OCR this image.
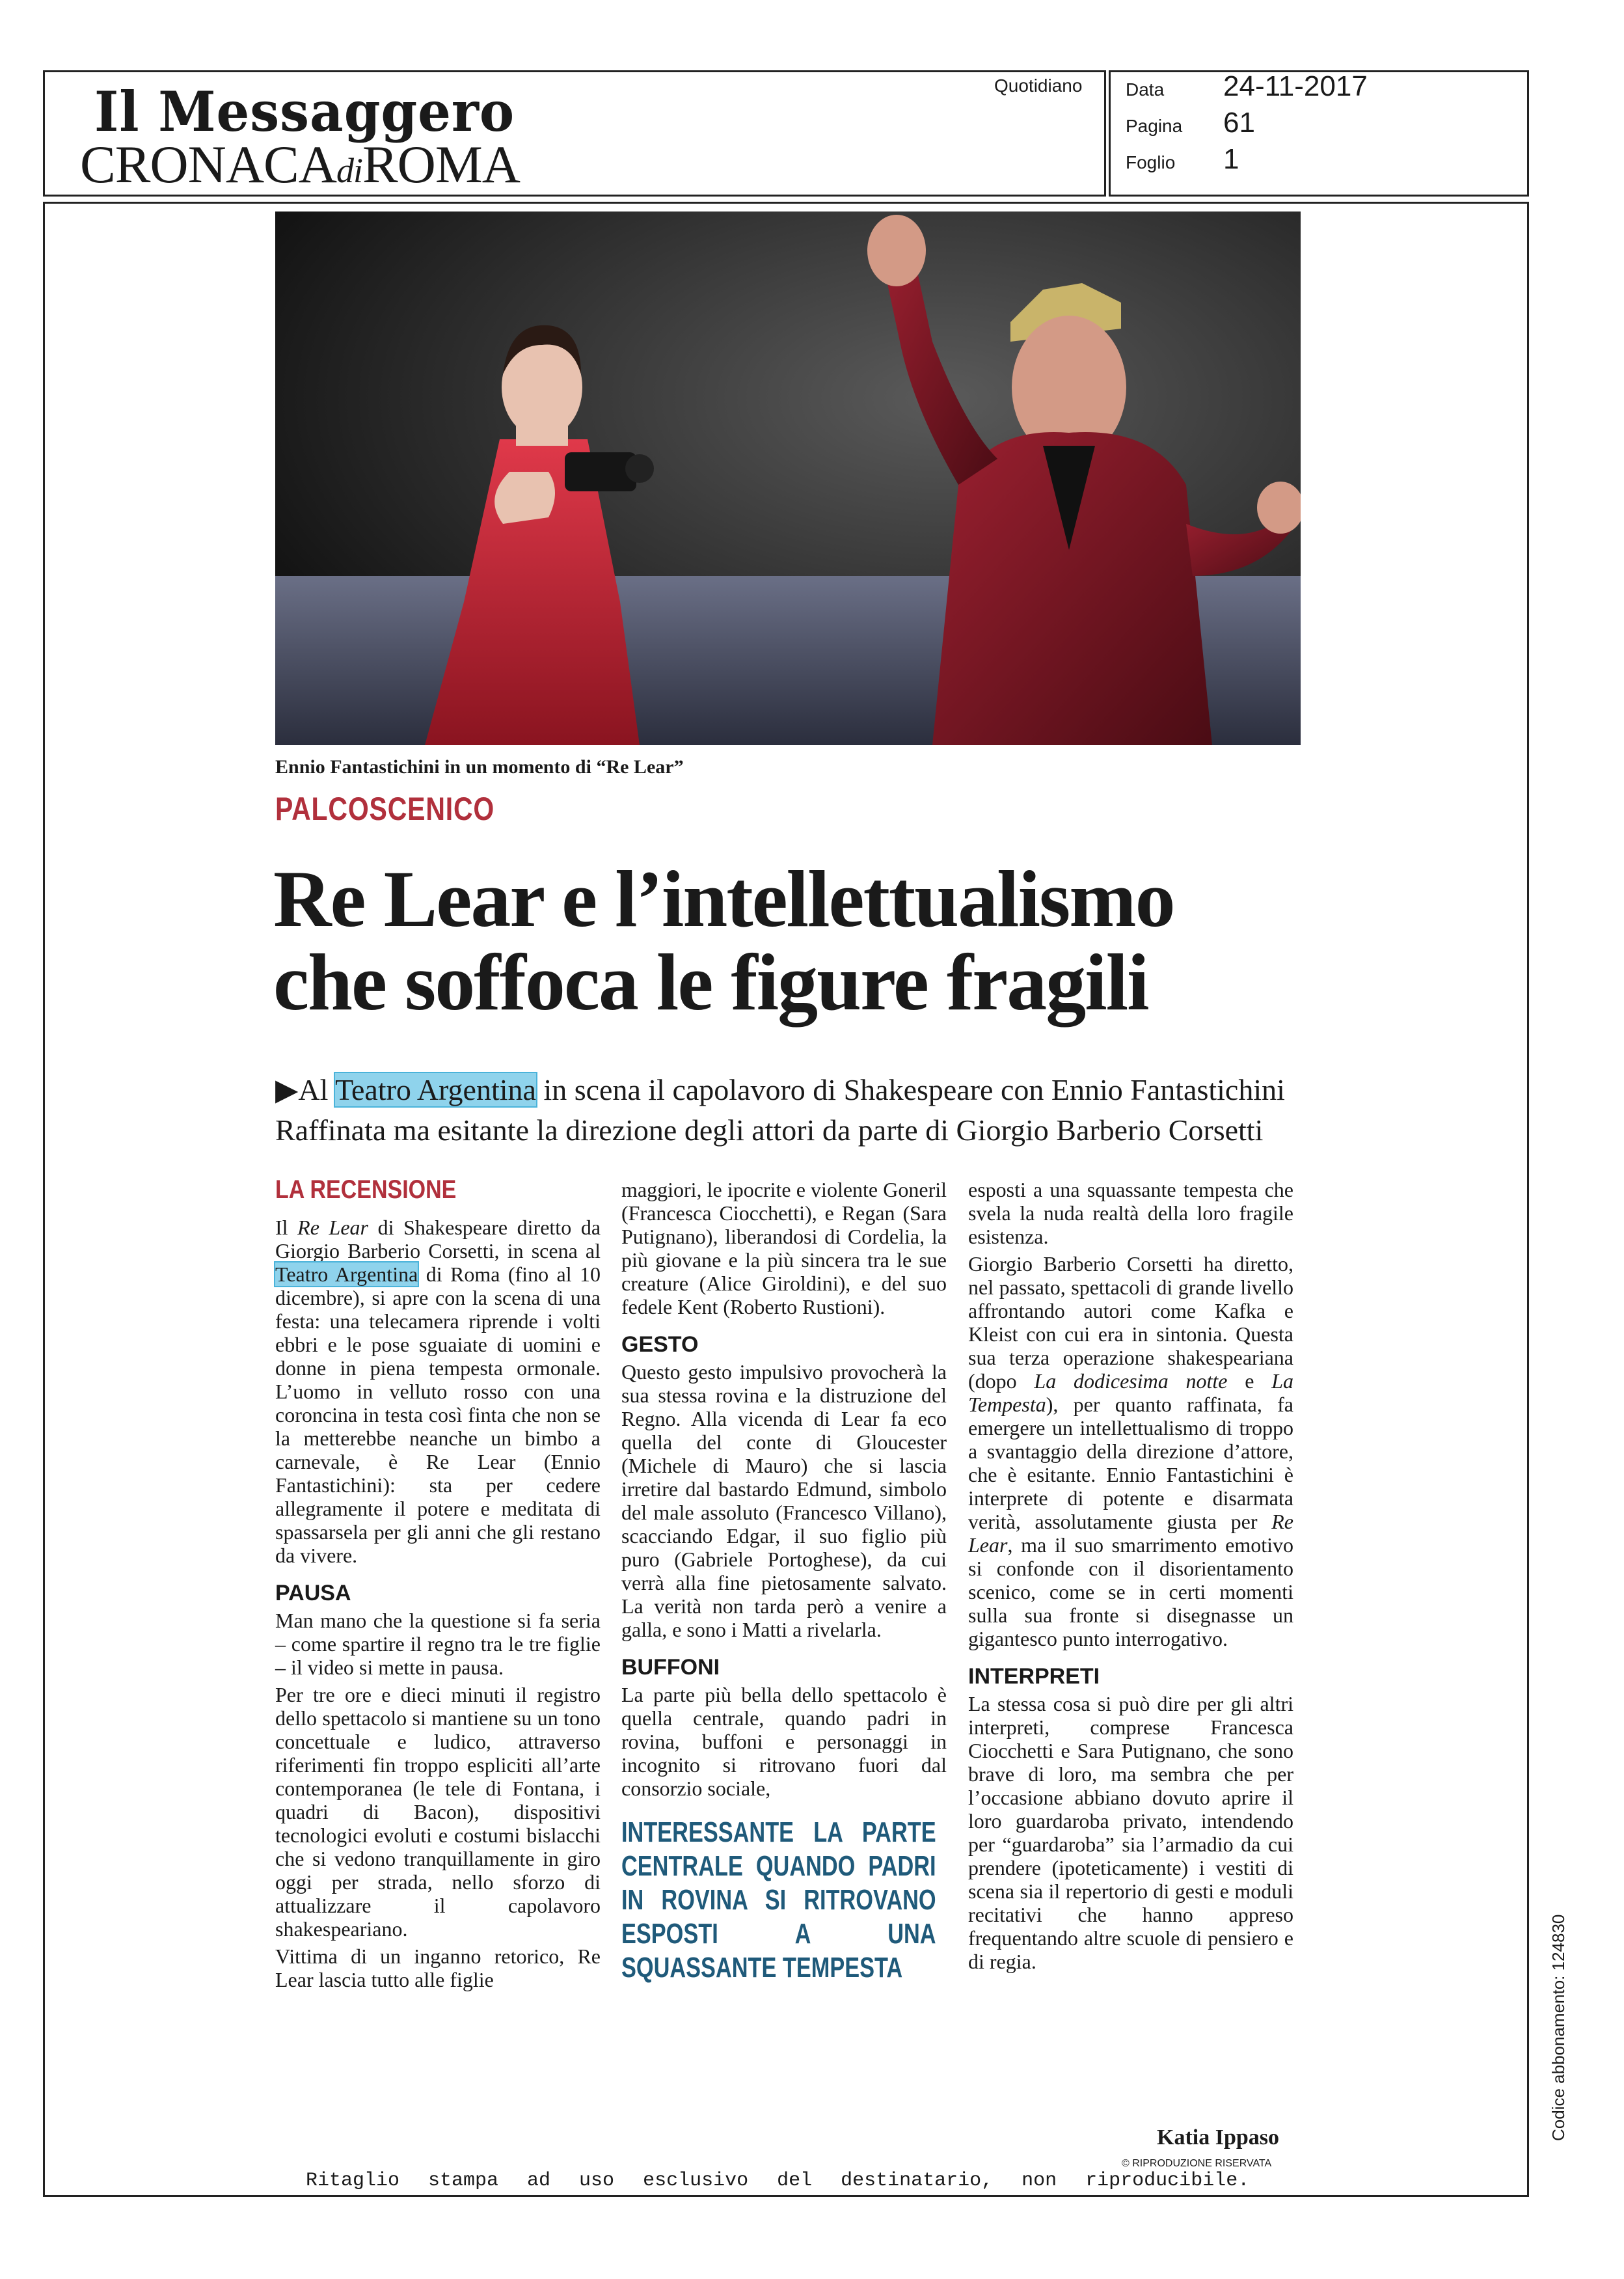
Il Messaggero
CRONACAdiROMA
Quotidiano Data 24-11-2017
Pagina 61
Foglio 1
Ennio Fantastichini in un momento di “Re Lear”
PALCOSCENICO
Re Lear e l’intellettualismo
che soffoca le figure fragili
▶Al Teatro Argentina in scena il capolavoro di Shakespeare con Ennio Fantastichini
Raffinata ma esitante la direzione degli attori da parte di Giorgio Barberio Corsetti
LA RECENSIONE

Il Re Lear di Shakespeare diretto da Giorgio Barberio Corsetti, in scena al Teatro Argentina di Roma (fino al 10 dicembre), si apre con la scena di una festa: una telecamera riprende i volti ebbri e le pose sguaiate di uomini e donne in piena tempesta ormonale. L’uomo in velluto rosso con una coroncina in testa così finta che non se la metterebbe neanche un bimbo a carnevale, è Re Lear (Ennio Fantastichini): sta per cedere allegramente il potere e meditata di spassarsela per gli anni che gli restano da vivere.

PAUSA

Man mano che la questione si fa seria – come spartire il regno tra le tre figlie – il video si mette in pausa.

Per tre ore e dieci minuti il registro dello spettacolo si mantiene su un tono concettuale e ludico, attraverso riferimenti fin troppo espliciti all’arte contemporanea (le tele di Fontana, i quadri di Bacon), dispositivi tecnologici evoluti e costumi bislacchi che si vedono tranquillamente in giro oggi per strada, nello sforzo di attualizzare il capolavoro shakespeariano.

Vittima di un inganno retorico, Re Lear lascia tutto alle figlie

maggiori, le ipocrite e violente Goneril (Francesca Ciocchetti), e Regan (Sara Putignano), liberandosi di Cordelia, la più giovane e la più sincera tra le sue creature (Alice Giroldini), e del suo fedele Kent (Roberto Rustioni).

GESTO

Questo gesto impulsivo provocherà la sua stessa rovina e la distruzione del Regno. Alla vicenda di Lear fa eco quella del conte di Gloucester (Michele di Mauro) che si lascia irretire dal bastardo Edmund, simbolo del male assoluto (Francesco Villano), scacciando Edgar, il suo figlio più puro (Gabriele Portoghese), da cui verrà alla fine pietosamente salvato. La verità non tarda però a venire a galla, e sono i Matti a rivelarla.

BUFFONI

La parte più bella dello spettacolo è quella centrale, quando padri in rovina, buffoni e personaggi in incognito si ritrovano fuori dal consorzio sociale,

INTERESSANTE LA PARTE CENTRALE QUANDO PADRI IN ROVINA SI RITROVANO ESPOSTI A UNA SQUASSANTE TEMPESTA

esposti a una squassante tempesta che svela la nuda realtà della loro fragile esistenza.

Giorgio Barberio Corsetti ha diretto, nel passato, spettacoli di grande livello affrontando autori come Kafka e Kleist con cui era in sintonia. Questa sua terza operazione shakespeariana (dopo La dodicesima notte e La Tempesta), per quanto raffinata, fa emergere un intellettualismo di troppo a svantaggio della direzione d’attore, che è esitante. Ennio Fantastichini è interprete di potente e disarmata verità, assolutamente giusta per Re Lear, ma il suo smarrimento emotivo si confonde con il disorientamento scenico, come se in certi momenti sulla sua fronte si disegnasse un gigantesco punto interrogativo.

INTERPRETI

La stessa cosa si può dire per gli altri interpreti, comprese Francesca Ciocchetti e Sara Putignano, che sono brave di loro, ma sembra che per l’occasione abbiano dovuto aprire il loro guardaroba privato, intendendo per “guardaroba” sia l’armadio da cui prendere (ipoteticamente) i vestiti di scena sia il repertorio di gesti e moduli recitativi che hanno appreso frequentando altre scuole di pensiero e di regia.

Katia Ippaso
© RIPRODUZIONE RISERVATA
Ritaglio stampa ad uso esclusivo del destinatario, non riproducibile.
Codice abbonamento: 124830
